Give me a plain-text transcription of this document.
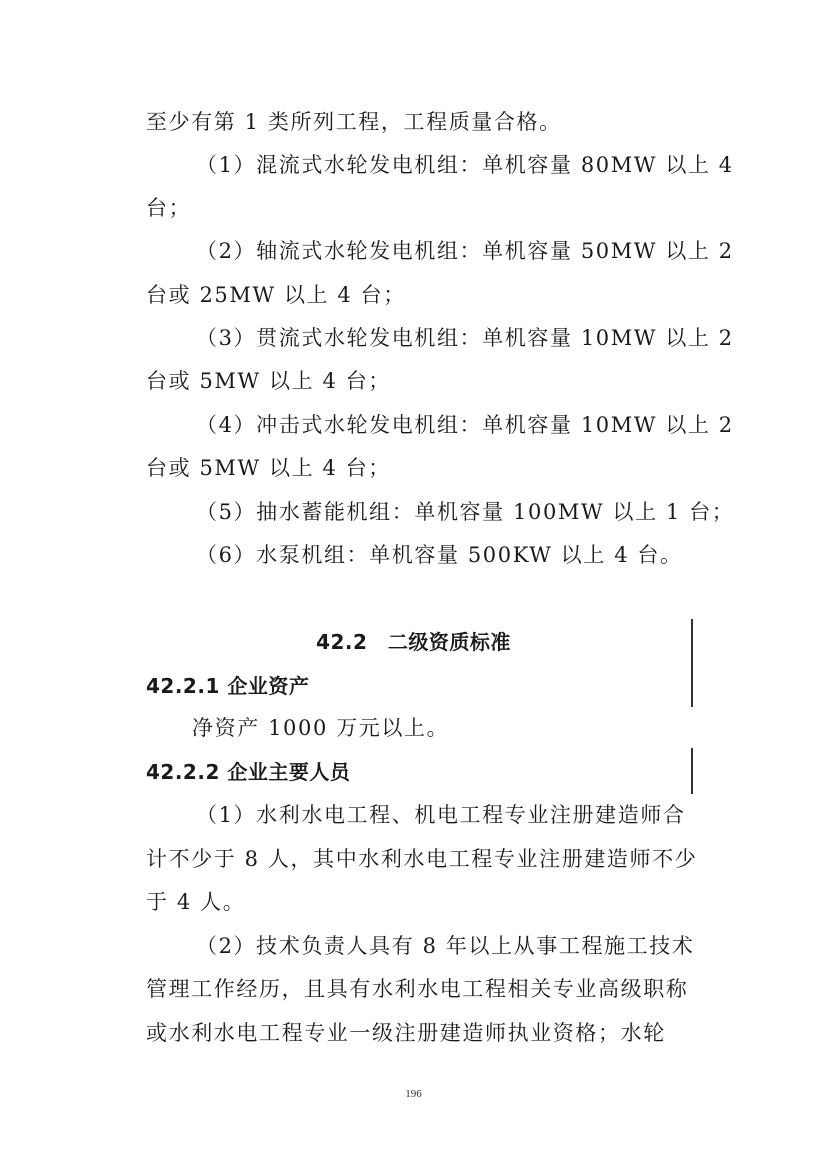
至少有第 1 类所列工程，工程质量合格。
（1）混流式水轮发电机组：单机容量 80MW 以上 4
台；
（2）轴流式水轮发电机组：单机容量 50MW 以上 2
台或 25MW 以上 4 台；
（3）贯流式水轮发电机组：单机容量 10MW 以上 2
台或 5MW 以上 4 台；
（4）冲击式水轮发电机组：单机容量 10MW 以上 2
台或 5MW 以上 4 台；
（5）抽水蓄能机组：单机容量 100MW 以上 1 台；
（6）水泵机组：单机容量 500KW 以上 4 台。
42.2　二级资质标准
42.2.1 企业资产
净资产 1000 万元以上。
42.2.2 企业主要人员
（1）水利水电工程、机电工程专业注册建造师合
计不少于 8 人，其中水利水电工程专业注册建造师不少
于 4 人。
（2）技术负责人具有 8 年以上从事工程施工技术
管理工作经历，且具有水利水电工程相关专业高级职称
或水利水电工程专业一级注册建造师执业资格；水轮
196
